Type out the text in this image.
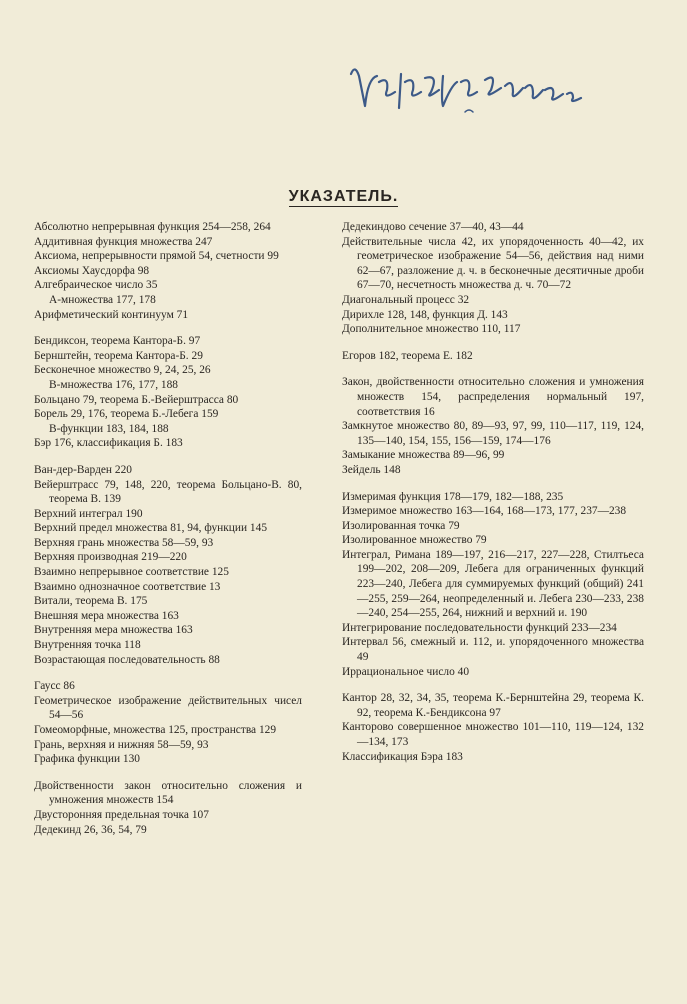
УКАЗАТЕЛЬ.
Абсолютно непрерывная функция 254—258, 264
Аддитивная функция множества 247
Аксиома, непрерывности прямой 54, счетности 99
Аксиомы Хаусдорфа 98
Алгебраическое число 35
А-множества 177, 178
Арифметический континуум 71
Бендиксон, теорема Кантора-Б. 97
Бернштейн, теорема Кантора-Б. 29
Бесконечное множество 9, 24, 25, 26
В-множества 176, 177, 188
Больцано 79, теорема Б.-Вейерштрасса 80
Борель 29, 176, теорема Б.-Лебега 159
В-функции 183, 184, 188
Бэр 176, классификация Б. 183
Ван-дер-Варден 220
Вейерштрасс 79, 148, 220, теорема Больцано-В. 80, теорема В. 139
Верхний интеграл 190
Верхний предел множества 81, 94, функции 145
Верхняя грань множества 58—59, 93
Верхняя производная 219—220
Взаимно непрерывное соответствие 125
Взаимно однозначное соответствие 13
Витали, теорема В. 175
Внешняя мера множества 163
Внутренняя мера множества 163
Внутренняя точка 118
Возрастающая последовательность 88
Гаусс 86
Геометрическое изображение действительных чисел 54—56
Гомеоморфные, множества 125, пространства 129
Грань, верхняя и нижняя 58—59, 93
Графика функции 130
Двойственности закон относительно сложения и умножения множеств 154
Двусторонняя предельная точка 107
Дедекинд 26, 36, 54, 79
Дедекиндово сечение 37—40, 43—44
Действительные числа 42, их упорядоченность 40—42, их геометрическое изображение 54—56, действия над ними 62—67, разложение д. ч. в бесконечные десятичные дроби 67—70, несчетность множества д. ч. 70—72
Диагональный процесс 32
Дирихле 128, 148, функция Д. 143
Дополнительное множество 110, 117
Егоров 182, теорема Е. 182
Закон, двойственности относительно сложения и умножения множеств 154, распределения нормальный 197, соответствия 16
Замкнутое множество 80, 89—93, 97, 99, 110—117, 119, 124, 135—140, 154, 155, 156—159, 174—176
Замыкание множества 89—96, 99
Зейдель 148
Измеримая функция 178—179, 182—188, 235
Измеримое множество 163—164, 168—173, 177, 237—238
Изолированная точка 79
Изолированное множество 79
Интеграл, Римана 189—197, 216—217, 227—228, Стилтьеса 199—202, 208—209, Лебега для ограниченных функций 223—240, Лебега для суммируемых функций (общий) 241—255, 259—264, неопределенный и. Лебега 230—233, 238—240, 254—255, 264, нижний и верхний и. 190
Интегрирование последовательности функций 233—234
Интервал 56, смежный и. 112, и. упорядоченного множества 49
Иррациональное число 40
Кантор 28, 32, 34, 35, теорема К.-Бернштейна 29, теорема К. 92, теорема К.-Бендиксона 97
Канторово совершенное множество 101—110, 119—124, 132—134, 173
Классификация Бэра 183
